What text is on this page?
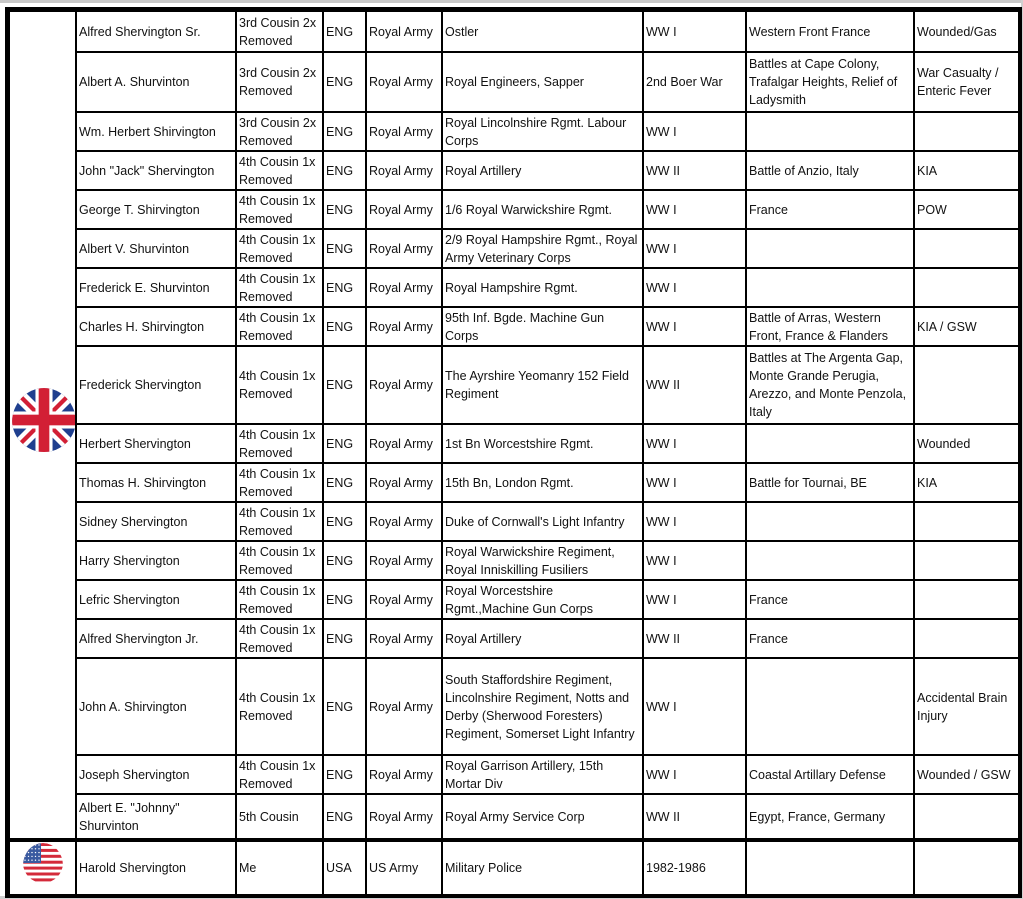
Alfred Shervington Sr.	3rd Cousin 2x Removed	ENG	Royal Army	Ostler	WW I	Western Front France	Wounded/Gas

	Albert A. Shurvinton	3rd Cousin 2x Removed	ENG	Royal Army	Royal Engineers, Sapper	2nd Boer War	Battles at Cape Colony, Trafalgar Heights, Relief of Ladysmith	War Casualty / Enteric Fever

	Wm. Herbert Shirvington	3rd Cousin 2x Removed	ENG	Royal Army	Royal Lincolnshire Rgmt. Labour Corps	WW I		

	John "Jack" Shervington	4th Cousin 1x Removed	ENG	Royal Army	Royal Artillery	WW II	Battle of Anzio, Italy	KIA

	George T. Shirvington	4th Cousin 1x Removed	ENG	Royal Army	1/6 Royal Warwickshire Rgmt.	WW I	France	POW

	Albert V. Shurvinton	4th Cousin 1x Removed	ENG	Royal Army	2/9 Royal Hampshire Rgmt., Royal Army Veterinary Corps	WW I		

	Frederick E. Shurvinton	4th Cousin 1x Removed	ENG	Royal Army	Royal Hampshire Rgmt.	WW I		

	Charles H. Shirvington	4th Cousin 1x Removed	ENG	Royal Army	95th Inf. Bgde. Machine Gun Corps	WW I	Battle of Arras, Western Front, France & Flanders	KIA / GSW

	Frederick Shervington	4th Cousin 1x Removed	ENG	Royal Army	The Ayrshire Yeomanry 152 Field Regiment	WW II	Battles at The Argenta Gap, Monte Grande Perugia, Arezzo, and Monte Penzola, Italy	

	Herbert Shervington	4th Cousin 1x Removed	ENG	Royal Army	1st Bn Worcestshire Rgmt.	WW I		Wounded

	Thomas H. Shirvington	4th Cousin 1x Removed	ENG	Royal Army	15th Bn, London Rgmt.	WW I	Battle for Tournai, BE	KIA

	Sidney Shervington	4th Cousin 1x Removed	ENG	Royal Army	Duke of Cornwall's Light Infantry	WW I		

	Harry Shervington	4th Cousin 1x Removed	ENG	Royal Army	Royal Warwickshire Regiment, Royal Inniskilling Fusiliers	WW I		

	Lefric Shervington	4th Cousin 1x Removed	ENG	Royal Army	Royal Worcestshire Rgmt.,Machine Gun Corps	WW I	France	

	Alfred Shervington Jr.	4th Cousin 1x Removed	ENG	Royal Army	Royal Artillery	WW II	France	

	John A. Shirvington	4th Cousin 1x Removed	ENG	Royal Army	South Staffordshire Regiment, Lincolnshire Regiment, Notts and Derby (Sherwood Foresters) Regiment, Somerset Light Infantry	WW I		Accidental Brain Injury

	Joseph Shervington	4th Cousin 1x Removed	ENG	Royal Army	Royal Garrison Artillery, 15th Mortar Div	WW I	Coastal Artillary Defense	Wounded / GSW

	Albert E. "Johnny" Shurvinton	5th Cousin	ENG	Royal Army	Royal Army Service Corp	WW II	Egypt, France, Germany	

Harold Shervington	Me	USA	US Army	Military Police	1982-1986		
